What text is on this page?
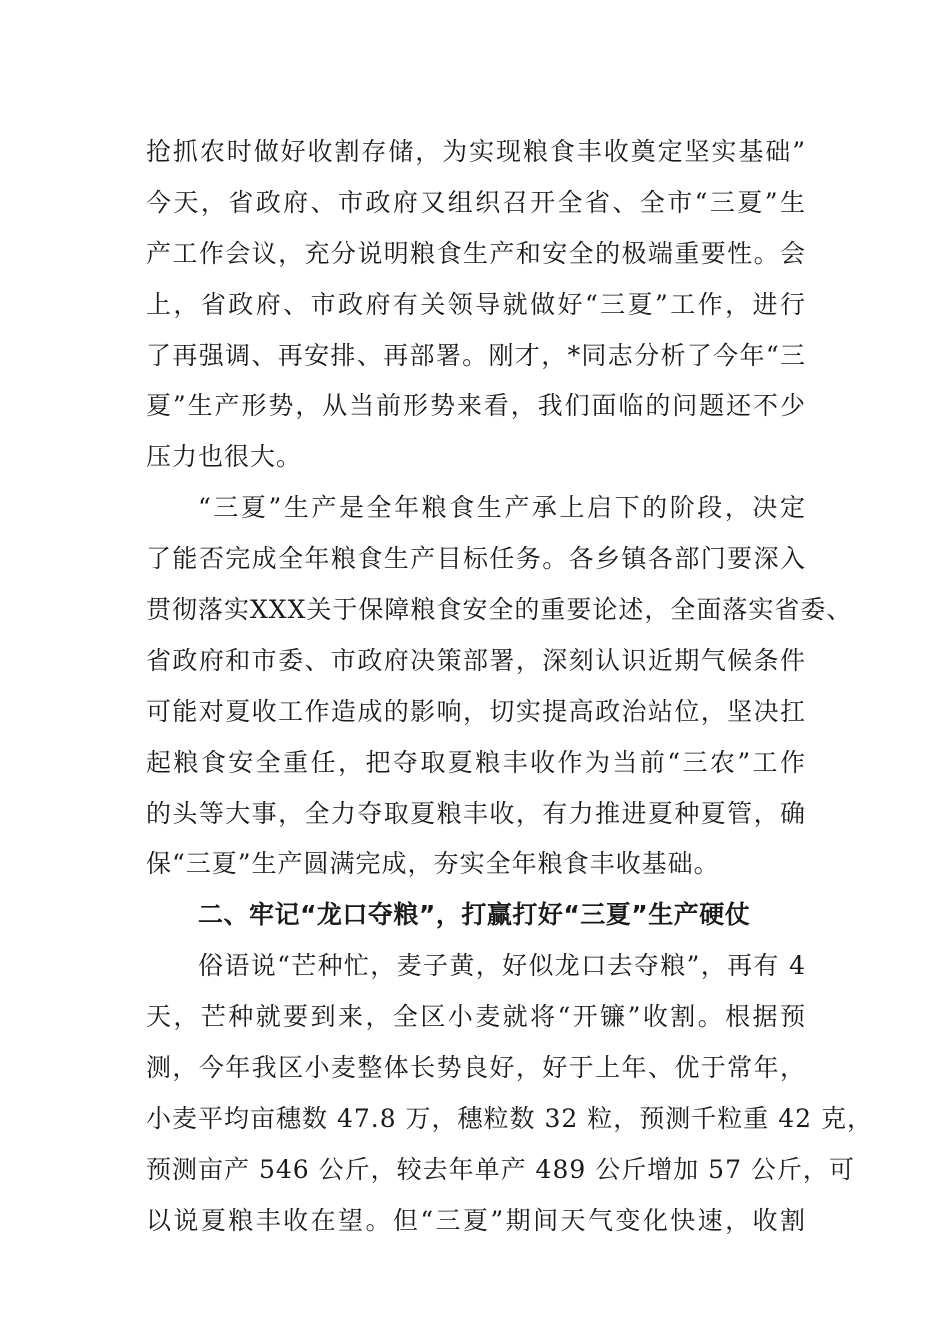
抢抓农时做好收割存储，为实现粮食丰收奠定坚实基础”
今天，省政府、市政府又组织召开全省、全市“三夏”生
产工作会议，充分说明粮食生产和安全的极端重要性。会
上，省政府、市政府有关领导就做好“三夏”工作，进行
了再强调、再安排、再部署。刚才，*同志分析了今年“三
夏”生产形势，从当前形势来看，我们面临的问题还不少
压力也很大。
“三夏”生产是全年粮食生产承上启下的阶段，决定
了能否完成全年粮食生产目标任务。各乡镇各部门要深入
贯彻落实XXX关于保障粮食安全的重要论述，全面落实省委、
省政府和市委、市政府决策部署，深刻认识近期气候条件
可能对夏收工作造成的影响，切实提高政治站位，坚决扛
起粮食安全重任，把夺取夏粮丰收作为当前“三农”工作
的头等大事，全力夺取夏粮丰收，有力推进夏种夏管，确
保“三夏”生产圆满完成，夯实全年粮食丰收基础。
二、牢记“龙口夺粮”，打赢打好“三夏”生产硬仗
俗语说“芒种忙，麦子黄，好似龙口去夺粮”，再有 4
天，芒种就要到来，全区小麦就将“开镰”收割。根据预
测，今年我区小麦整体长势良好，好于上年、优于常年，
小麦平均亩穗数 47.8 万，穗粒数 32 粒，预测千粒重 42 克，
预测亩产 546 公斤，较去年单产 489 公斤增加 57 公斤，可
以说夏粮丰收在望。但“三夏”期间天气变化快速，收割
